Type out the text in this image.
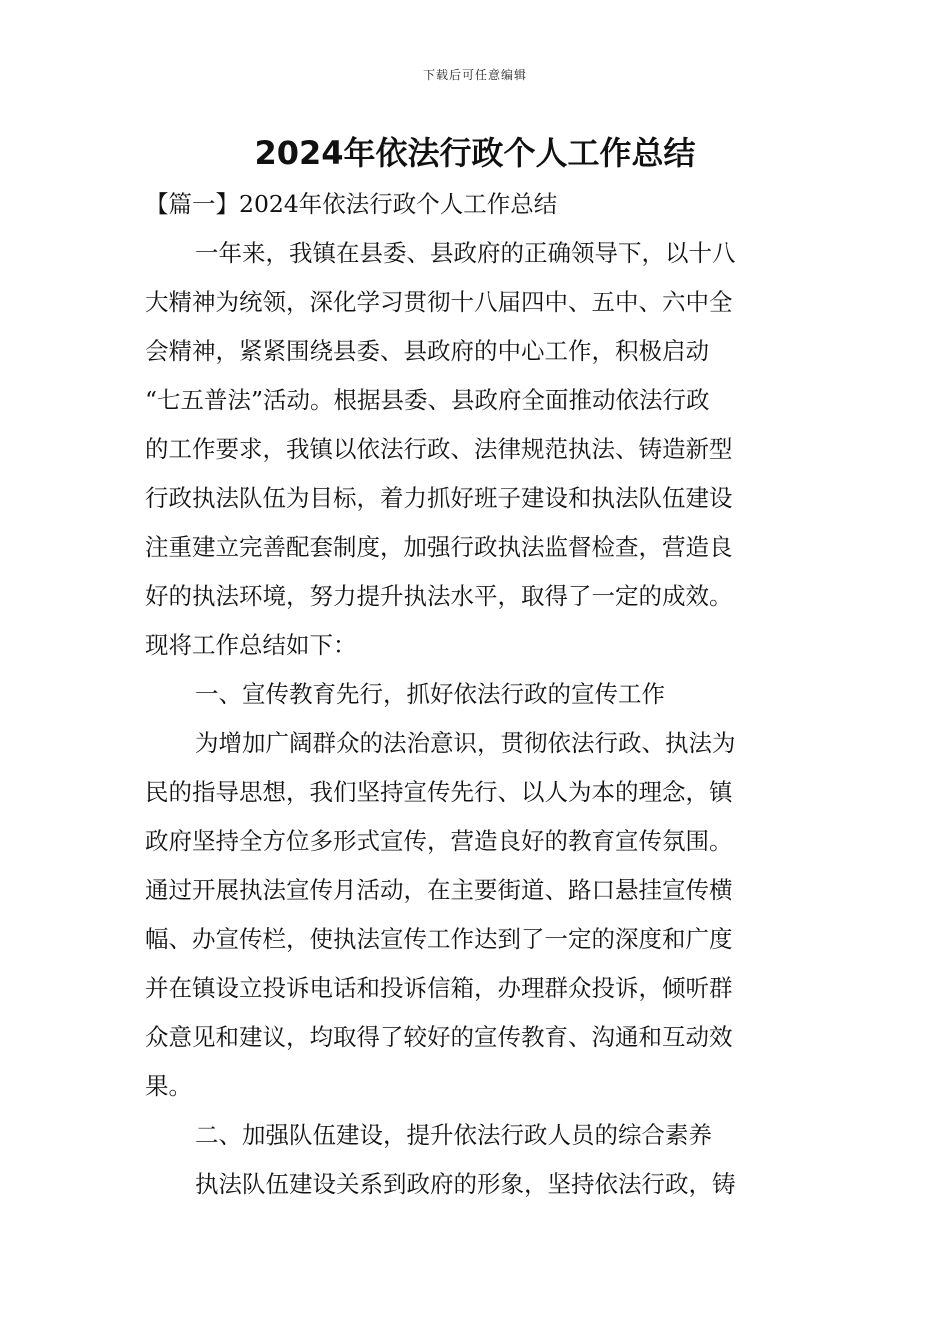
下载后可任意编辑
2024年依法行政个人工作总结
【篇一】2024年依法行政个人工作总结
一年来，我镇在县委、县政府的正确领导下，以十八
大精神为统领，深化学习贯彻十八届四中、五中、六中全
会精神，紧紧围绕县委、县政府的中心工作，积极启动
“七五普法”活动。根据县委、县政府全面推动依法行政
的工作要求，我镇以依法行政、法律规范执法、铸造新型
行政执法队伍为目标，着力抓好班子建设和执法队伍建设
注重建立完善配套制度，加强行政执法监督检查，营造良
好的执法环境，努力提升执法水平，取得了一定的成效。
现将工作总结如下：
一、宣传教育先行，抓好依法行政的宣传工作
为增加广阔群众的法治意识，贯彻依法行政、执法为
民的指导思想，我们坚持宣传先行、以人为本的理念，镇
政府坚持全方位多形式宣传，营造良好的教育宣传氛围。
通过开展执法宣传月活动，在主要街道、路口悬挂宣传横
幅、办宣传栏，使执法宣传工作达到了一定的深度和广度
并在镇设立投诉电话和投诉信箱，办理群众投诉，倾听群
众意见和建议，均取得了较好的宣传教育、沟通和互动效
果。
二、加强队伍建设，提升依法行政人员的综合素养
执法队伍建设关系到政府的形象，坚持依法行政，铸
